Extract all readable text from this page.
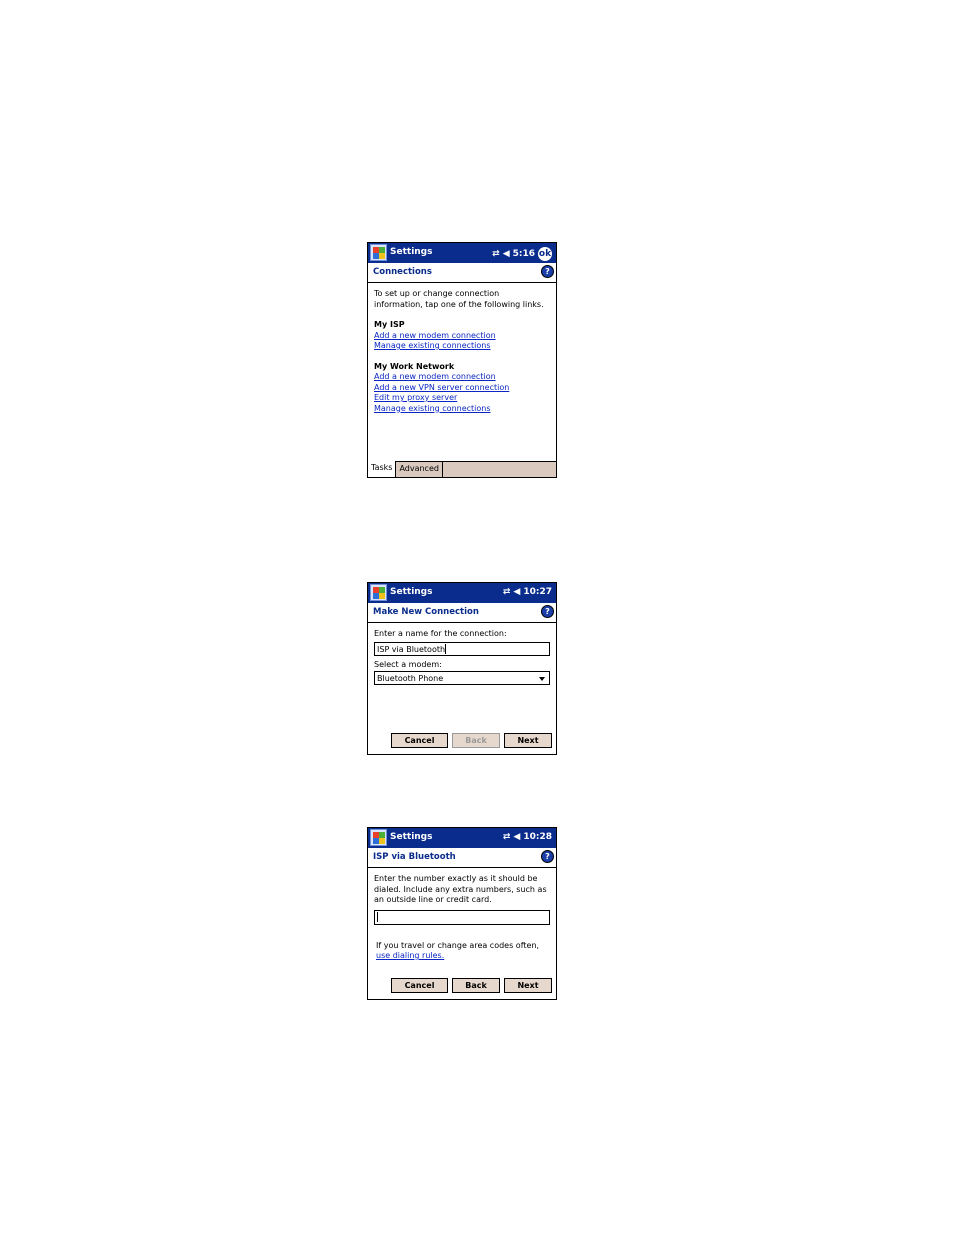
Settings	⇄ ◀ 5:16 ok
Connections	?
To set up or change connection information, tap one of the following links.
My ISP
Add a new modem connection
Manage existing connections
My Work Network
Add a new modem connection
Add a new VPN server connection
Edit my proxy server
Manage existing connections
Tasks Advanced
Settings	⇄ ◀ 10:27
Make New Connection	?
Enter a name for the connection:
ISP via Bluetooth
Select a modem:
Bluetooth Phone
Cancel	Back	Next
Settings	⇄ ◀ 10:28
ISP via Bluetooth	?
Enter the number exactly as it should be dialed. Include any extra numbers, such as an outside line or credit card.
If you travel or change area codes often,
use dialing rules.
Cancel	Back	Next
